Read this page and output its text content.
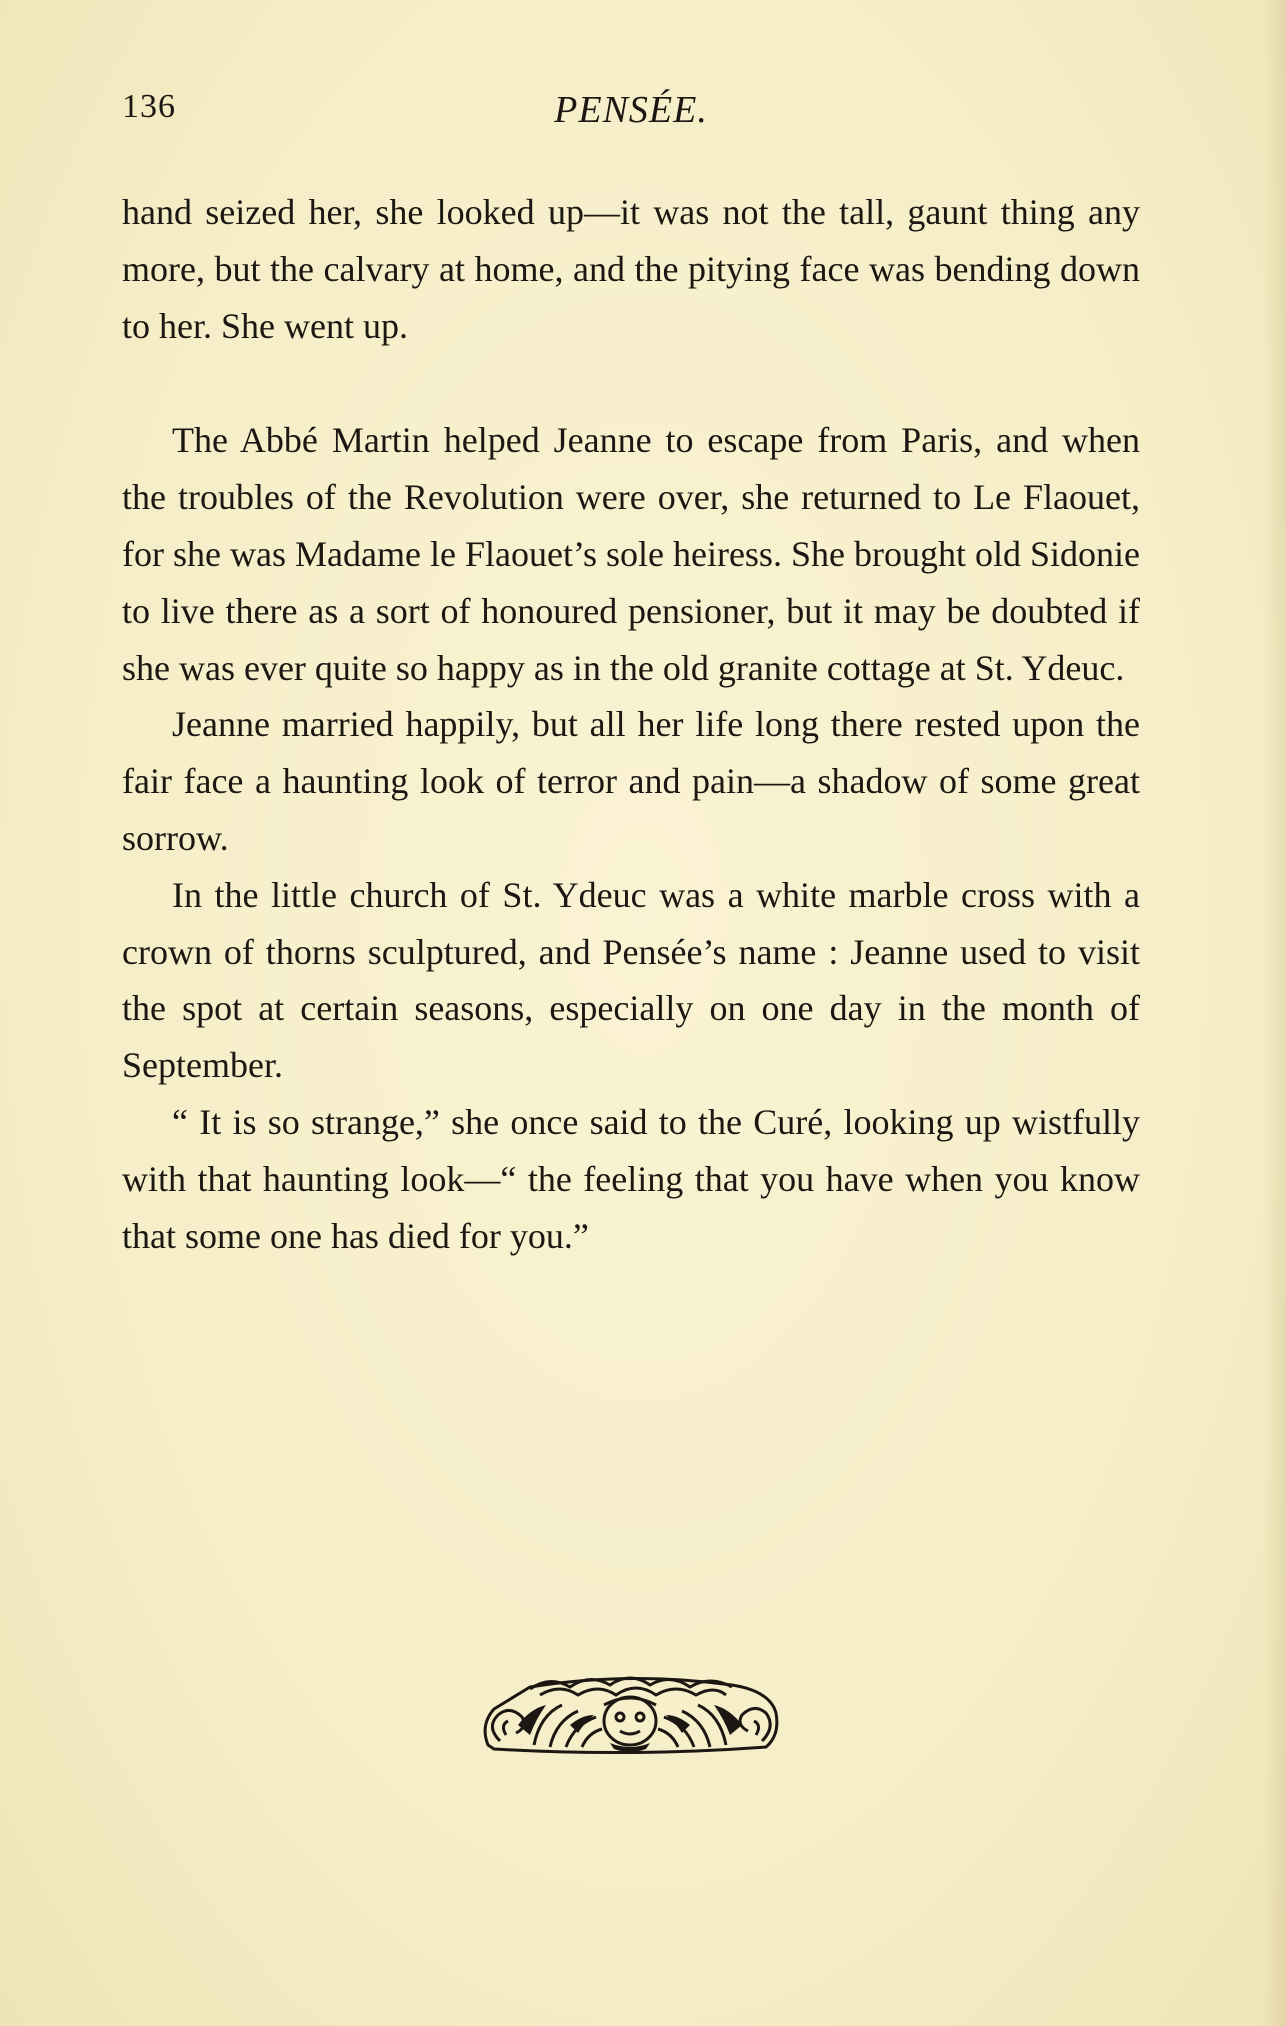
136	PENSÉE.

hand seized her, she looked up—it was not the tall, gaunt thing any more, but the calvary at home, and the pitying face was bending down to her. She went up.

The Abbé Martin helped Jeanne to escape from Paris, and when the troubles of the Revolution were over, she returned to Le Flaouet, for she was Madame le Flaouet’s sole heiress. She brought old Sidonie to live there as a sort of honoured pensioner, but it may be doubted if she was ever quite so happy as in the old granite cottage at St. Ydeuc.

Jeanne married happily, but all her life long there rested upon the fair face a haunting look of terror and pain—a shadow of some great sorrow.

In the little church of St. Ydeuc was a white marble cross with a crown of thorns sculptured, and Pensée’s name : Jeanne used to visit the spot at certain seasons, especially on one day in the month of September.

“ It is so strange,” she once said to the Curé, looking up wistfully with that haunting look—“ the feeling that you have when you know that some one has died for you.”
